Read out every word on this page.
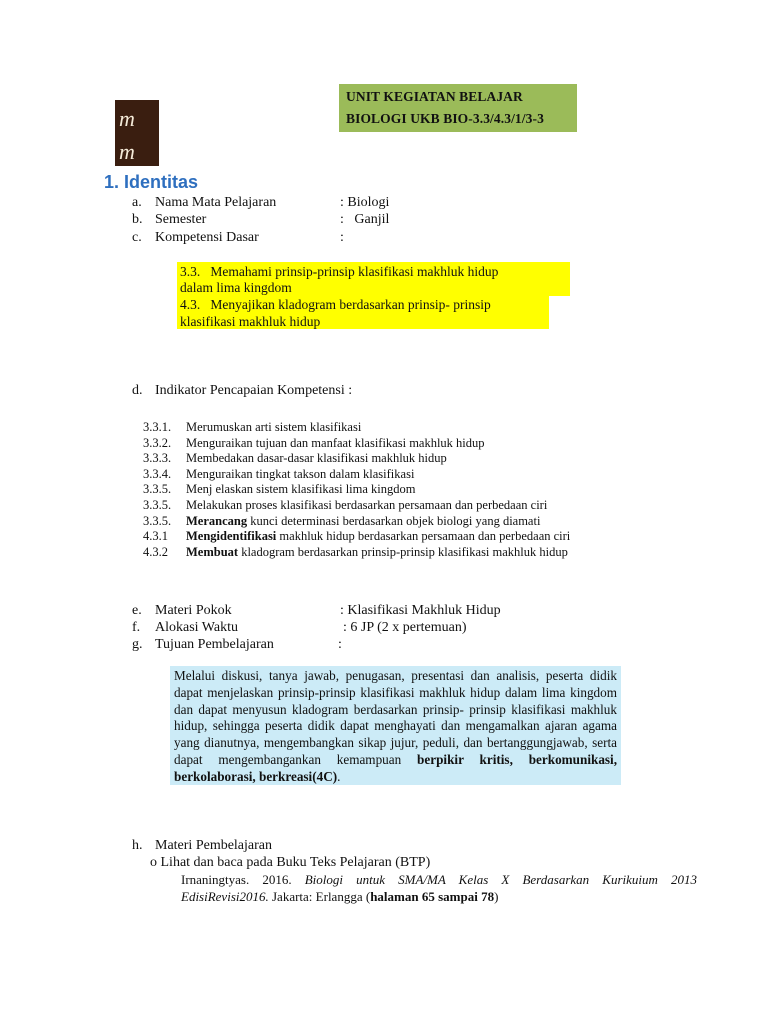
UNIT KEGIATAN BELAJAR
BIOLOGI UKB BIO-3.3/4.3/1/3-3
m
m
1. Identitas
a. Nama Mata Pelajaran	: Biologi
b. Semester	:   Ganjil
c. Kompetensi Dasar	:
3.3.   Memahami prinsip-prinsip klasifikasi makhluk hidup
dalam lima kingdom
4.3.   Menyajikan kladogram berdasarkan prinsip- prinsip
klasifikasi makhluk hidup
d. Indikator Pencapaian Kompetensi :
3.3.1. Merumuskan arti sistem klasifikasi
3.3.2. Menguraikan tujuan dan manfaat klasifikasi makhluk hidup
3.3.3. Membedakan dasar-dasar klasifikasi makhluk hidup
3.3.4. Menguraikan tingkat takson dalam klasifikasi
3.3.5. Menj elaskan sistem klasifikasi lima kingdom
3.3.5. Melakukan proses klasifikasi berdasarkan persamaan dan perbedaan ciri
3.3.5. Merancang kunci determinasi berdasarkan objek biologi yang diamati
4.3.1 Mengidentifikasi makhluk hidup berdasarkan persamaan dan perbedaan ciri
4.3.2 Membuat kladogram berdasarkan prinsip-prinsip klasifikasi makhluk hidup
e. Materi Pokok	: Klasifikasi Makhluk Hidup
f. Alokasi Waktu	: 6 JP (2 x pertemuan)
g. Tujuan Pembelajaran	:

Melalui diskusi, tanya jawab, penugasan, presentasi dan analisis, peserta didik dapat menjelaskan prinsip-prinsip klasifikasi makhluk hidup dalam lima kingdom dan dapat menyusun kladogram berdasarkan prinsip- prinsip klasifikasi makhluk hidup, sehingga peserta didik dapat menghayati dan mengamalkan ajaran agama yang dianutnya, mengembangkan sikap jujur, peduli, dan bertanggungjawab, serta dapat mengembangankan kemampuan berpikir kritis, berkomunikasi, berkolaborasi, berkreasi(4C).

h. Materi Pembelajaran
o Lihat dan baca pada Buku Teks Pelajaran (BTP)
Irnaningtyas. 2016. Biologi untuk SMA/MA Kelas X Berdasarkan Kurikuium 2013 EdisiRevisi2016. Jakarta: Erlangga (halaman 65 sampai 78)
